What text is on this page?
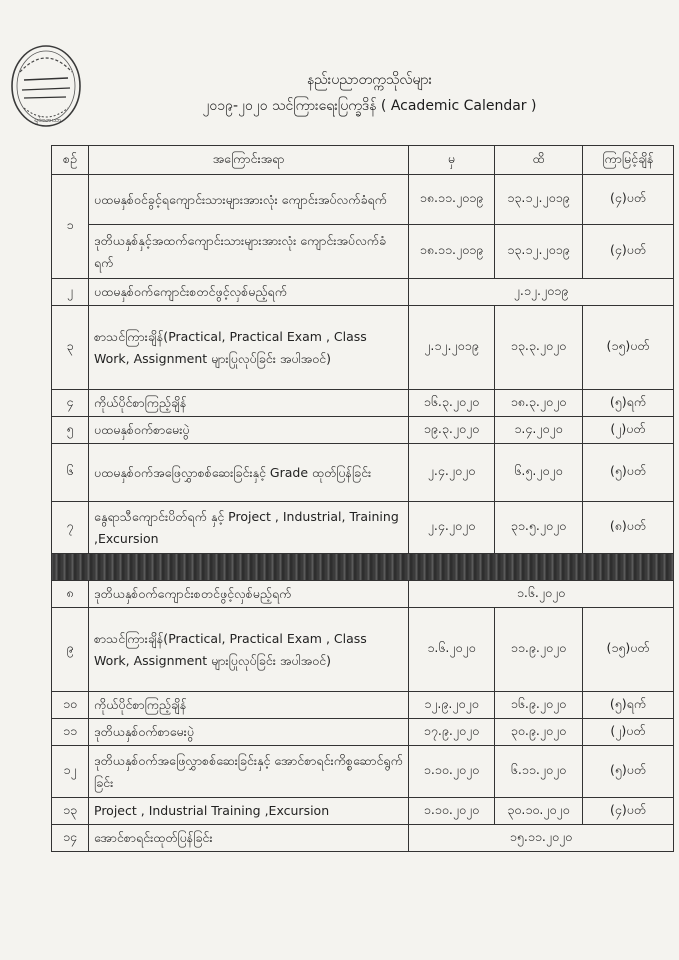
ရှင်သာယာ
နည်းပညာတက္ကသိုလ်များ
၂၀၁၉-၂၀၂၀ သင်ကြားရေးပြက္ခဒိန် ( Academic Calendar )
စဉ်	အကြောင်းအရာ	မှ	ထိ	ကြာမြင့်ချိန်
၁	ပထမနှစ်ဝင်ခွင့်ရကျောင်းသားများအားလုံး ကျောင်းအပ်လက်ခံရက်	၁၈.၁၁.၂၀၁၉	၁၃.၁၂.၂၀၁၉	(၄)ပတ်
	ဒုတိယနှစ်နှင့်အထက်ကျောင်းသားများအားလုံး ကျောင်းအပ်လက်ခံရက်	၁၈.၁၁.၂၀၁၉	၁၃.၁၂.၂၀၁၉	(၄)ပတ်
၂	ပထမနှစ်ဝက်ကျောင်းစတင်ဖွင့်လှစ်မည့်ရက်	၂.၁၂.၂၀၁၉		
၃	စာသင်ကြားချိန်(Practical, Practical Exam , Class Work, Assignment များပြုလုပ်ခြင်း အပါအဝင်)	၂.၁၂.၂၀၁၉	၁၃.၃.၂၀၂၀	(၁၅)ပတ်
၄	ကိုယ်ပိုင်စာကြည့်ချိန်	၁၆.၃.၂၀၂၀	၁၈.၃.၂၀၂၀	(၅)ရက်
၅	ပထမနှစ်ဝက်စာမေးပွဲ	၁၉.၃.၂၀၂၀	၁.၄.၂၀၂၀	(၂)ပတ်
၆	ပထမနှစ်ဝက်အဖြေလွှာစစ်ဆေးခြင်းနှင့် Grade ထုတ်ပြန်ခြင်း	၂.၄.၂၀၂၀	၆.၅.၂၀၂၀	(၅)ပတ်
၇	နွေရာသီကျောင်းပိတ်ရက် နှင့် Project , Industrial, Training ,Excursion	၂.၄.၂၀၂၀	၃၁.၅.၂၀၂၀	(၈)ပတ်

၈	ဒုတိယနှစ်ဝက်ကျောင်းစတင်ဖွင့်လှစ်မည့်ရက်	၁.၆.၂၀၂၀		
၉	စာသင်ကြားချိန်(Practical, Practical Exam , Class Work, Assignment များပြုလုပ်ခြင်း အပါအဝင်)	၁.၆.၂၀၂၀	၁၁.၉.၂၀၂၀	(၁၅)ပတ်
၁၀	ကိုယ်ပိုင်စာကြည့်ချိန်	၁၂.၉.၂၀၂၀	၁၆.၉.၂၀၂၀	(၅)ရက်
၁၁	ဒုတိယနှစ်ဝက်စာမေးပွဲ	၁၇.၉.၂၀၂၀	၃၀.၉.၂၀၂၀	(၂)ပတ်
၁၂	ဒုတိယနှစ်ဝက်အဖြေလွှာစစ်ဆေးခြင်းနှင့် အောင်စာရင်းကိစ္စဆောင်ရွက်ခြင်း	၁.၁၀.၂၀၂၀	၆.၁၁.၂၀၂၀	(၅)ပတ်
၁၃	Project , Industrial Training ,Excursion	၁.၁၀.၂၀၂၀	၃၀.၁၀.၂၀၂၀	(၄)ပတ်
၁၄	အောင်စာရင်းထုတ်ပြန်ခြင်း	၁၅.၁၁.၂၀၂၀		
